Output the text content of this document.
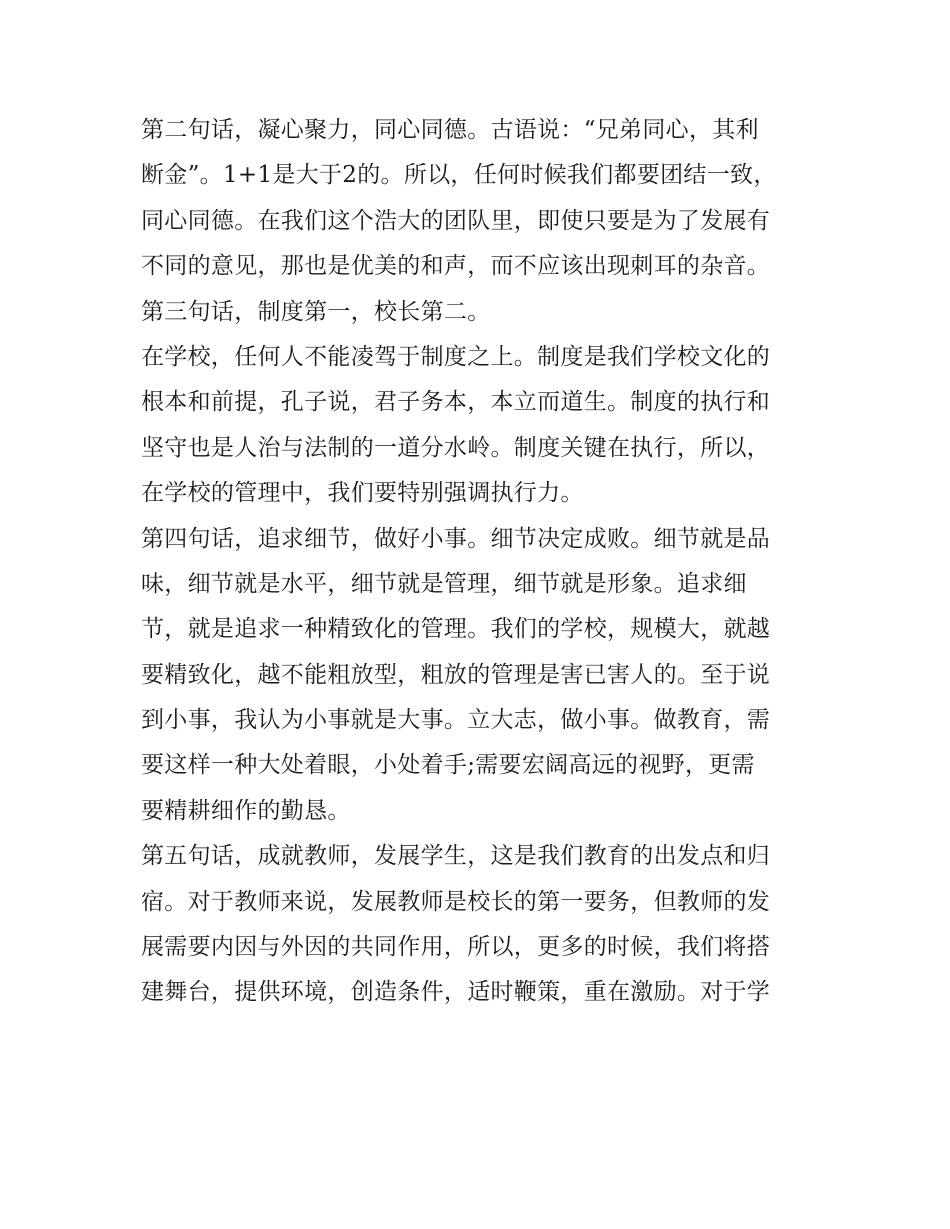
第二句话，凝心聚力，同心同德。古语说：“兄弟同心，其利
断金”。1+1是大于2的。所以，任何时候我们都要团结一致，
同心同德。在我们这个浩大的团队里，即使只要是为了发展有
不同的意见，那也是优美的和声，而不应该出现刺耳的杂音。
第三句话，制度第一，校长第二。
在学校，任何人不能凌驾于制度之上。制度是我们学校文化的
根本和前提，孔子说，君子务本，本立而道生。制度的执行和
坚守也是人治与法制的一道分水岭。制度关键在执行，所以，
在学校的管理中，我们要特别强调执行力。
第四句话，追求细节，做好小事。细节决定成败。细节就是品
味，细节就是水平，细节就是管理，细节就是形象。追求细
节，就是追求一种精致化的管理。我们的学校，规模大，就越
要精致化，越不能粗放型，粗放的管理是害已害人的。至于说
到小事，我认为小事就是大事。立大志，做小事。做教育，需
要这样一种大处着眼，小处着手;需要宏阔高远的视野，更需
要精耕细作的勤恳。
第五句话，成就教师，发展学生，这是我们教育的出发点和归
宿。对于教师来说，发展教师是校长的第一要务，但教师的发
展需要内因与外因的共同作用，所以，更多的时候，我们将搭
建舞台，提供环境，创造条件，适时鞭策，重在激励。对于学
